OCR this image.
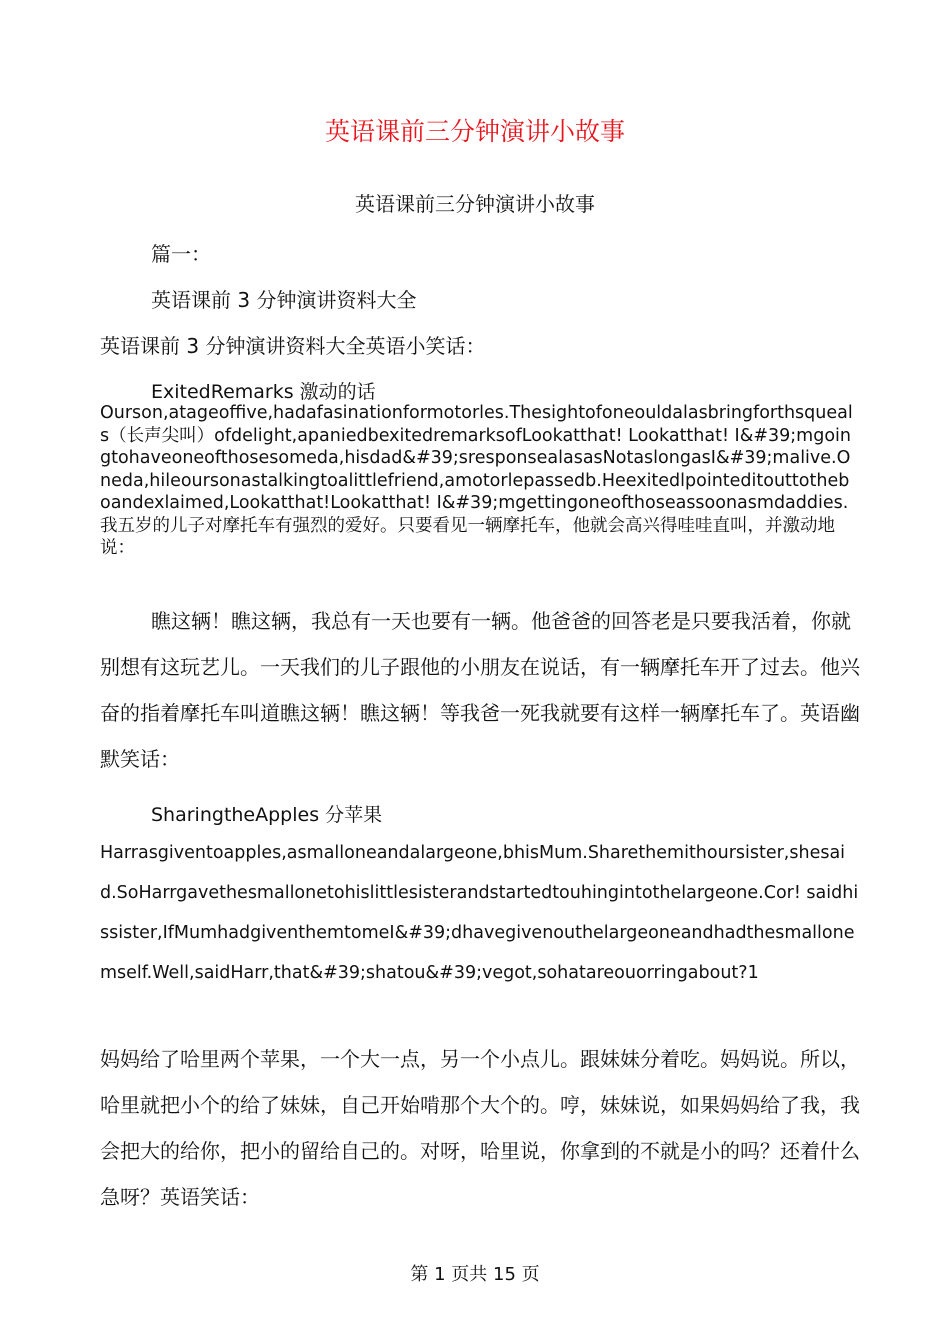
英语课前三分钟演讲小故事
英语课前三分钟演讲小故事
篇一：
英语课前 3 分钟演讲资料大全
英语课前 3 分钟演讲资料大全英语小笑话：
ExitedRemarks 激动的话
Ourson,atageoffive,hadafasinationformotorles.Thesightofoneouldalasbringforthsqueals（长声尖叫）ofdelight,apaniedbexitedremarksofLookatthat! Lookatthat! I&#39;mgoingtohaveoneofthosesomeda,hisdad&#39;sresponsealasasNotaslongasI&#39;malive.Oneda,hileoursonastalkingtoalittlefriend,amotorlepassedb.Heexitedlpointeditouttotheboandexlaimed,Lookatthat!Lookatthat! I&#39;mgettingoneofthoseassoonasmdaddies.我五岁的儿子对摩托车有强烈的爱好。只要看见一辆摩托车，他就会高兴得哇哇直叫，并激动地说：
瞧这辆！瞧这辆，我总有一天也要有一辆。他爸爸的回答老是只要我活着，你就别想有这玩艺儿。一天我们的儿子跟他的小朋友在说话，有一辆摩托车开了过去。他兴奋的指着摩托车叫道瞧这辆！瞧这辆！等我爸一死我就要有这样一辆摩托车了。英语幽默笑话：
SharingtheApples 分苹果
妈妈给了哈里两个苹果，一个大一点，另一个小点儿。跟妹妹分着吃。妈妈说。所以，哈里就把小个的给了妹妹，自己开始啃那个大个的。哼，妹妹说，如果妈妈给了我，我会把大的给你，把小的留给自己的。对呀，哈里说，你拿到的不就是小的吗？还着什么急呀？英语笑话：
Harrasgiventoapples,asmalloneandalargeone,bhisMum.Sharethemithoursister,shesaid.SoHarrgavethesmallonetohislittlesisterandstartedtouhingintothelargeone.Cor! saidhissister,IfMumhadgiventhemtomeI&#39;dhavegivenouthelargeoneandhadthesmallonemself.Well,saidHarr,that&#39;shatou&#39;vegot,sohatareouorringabout?1
第 1 页共 15 页
